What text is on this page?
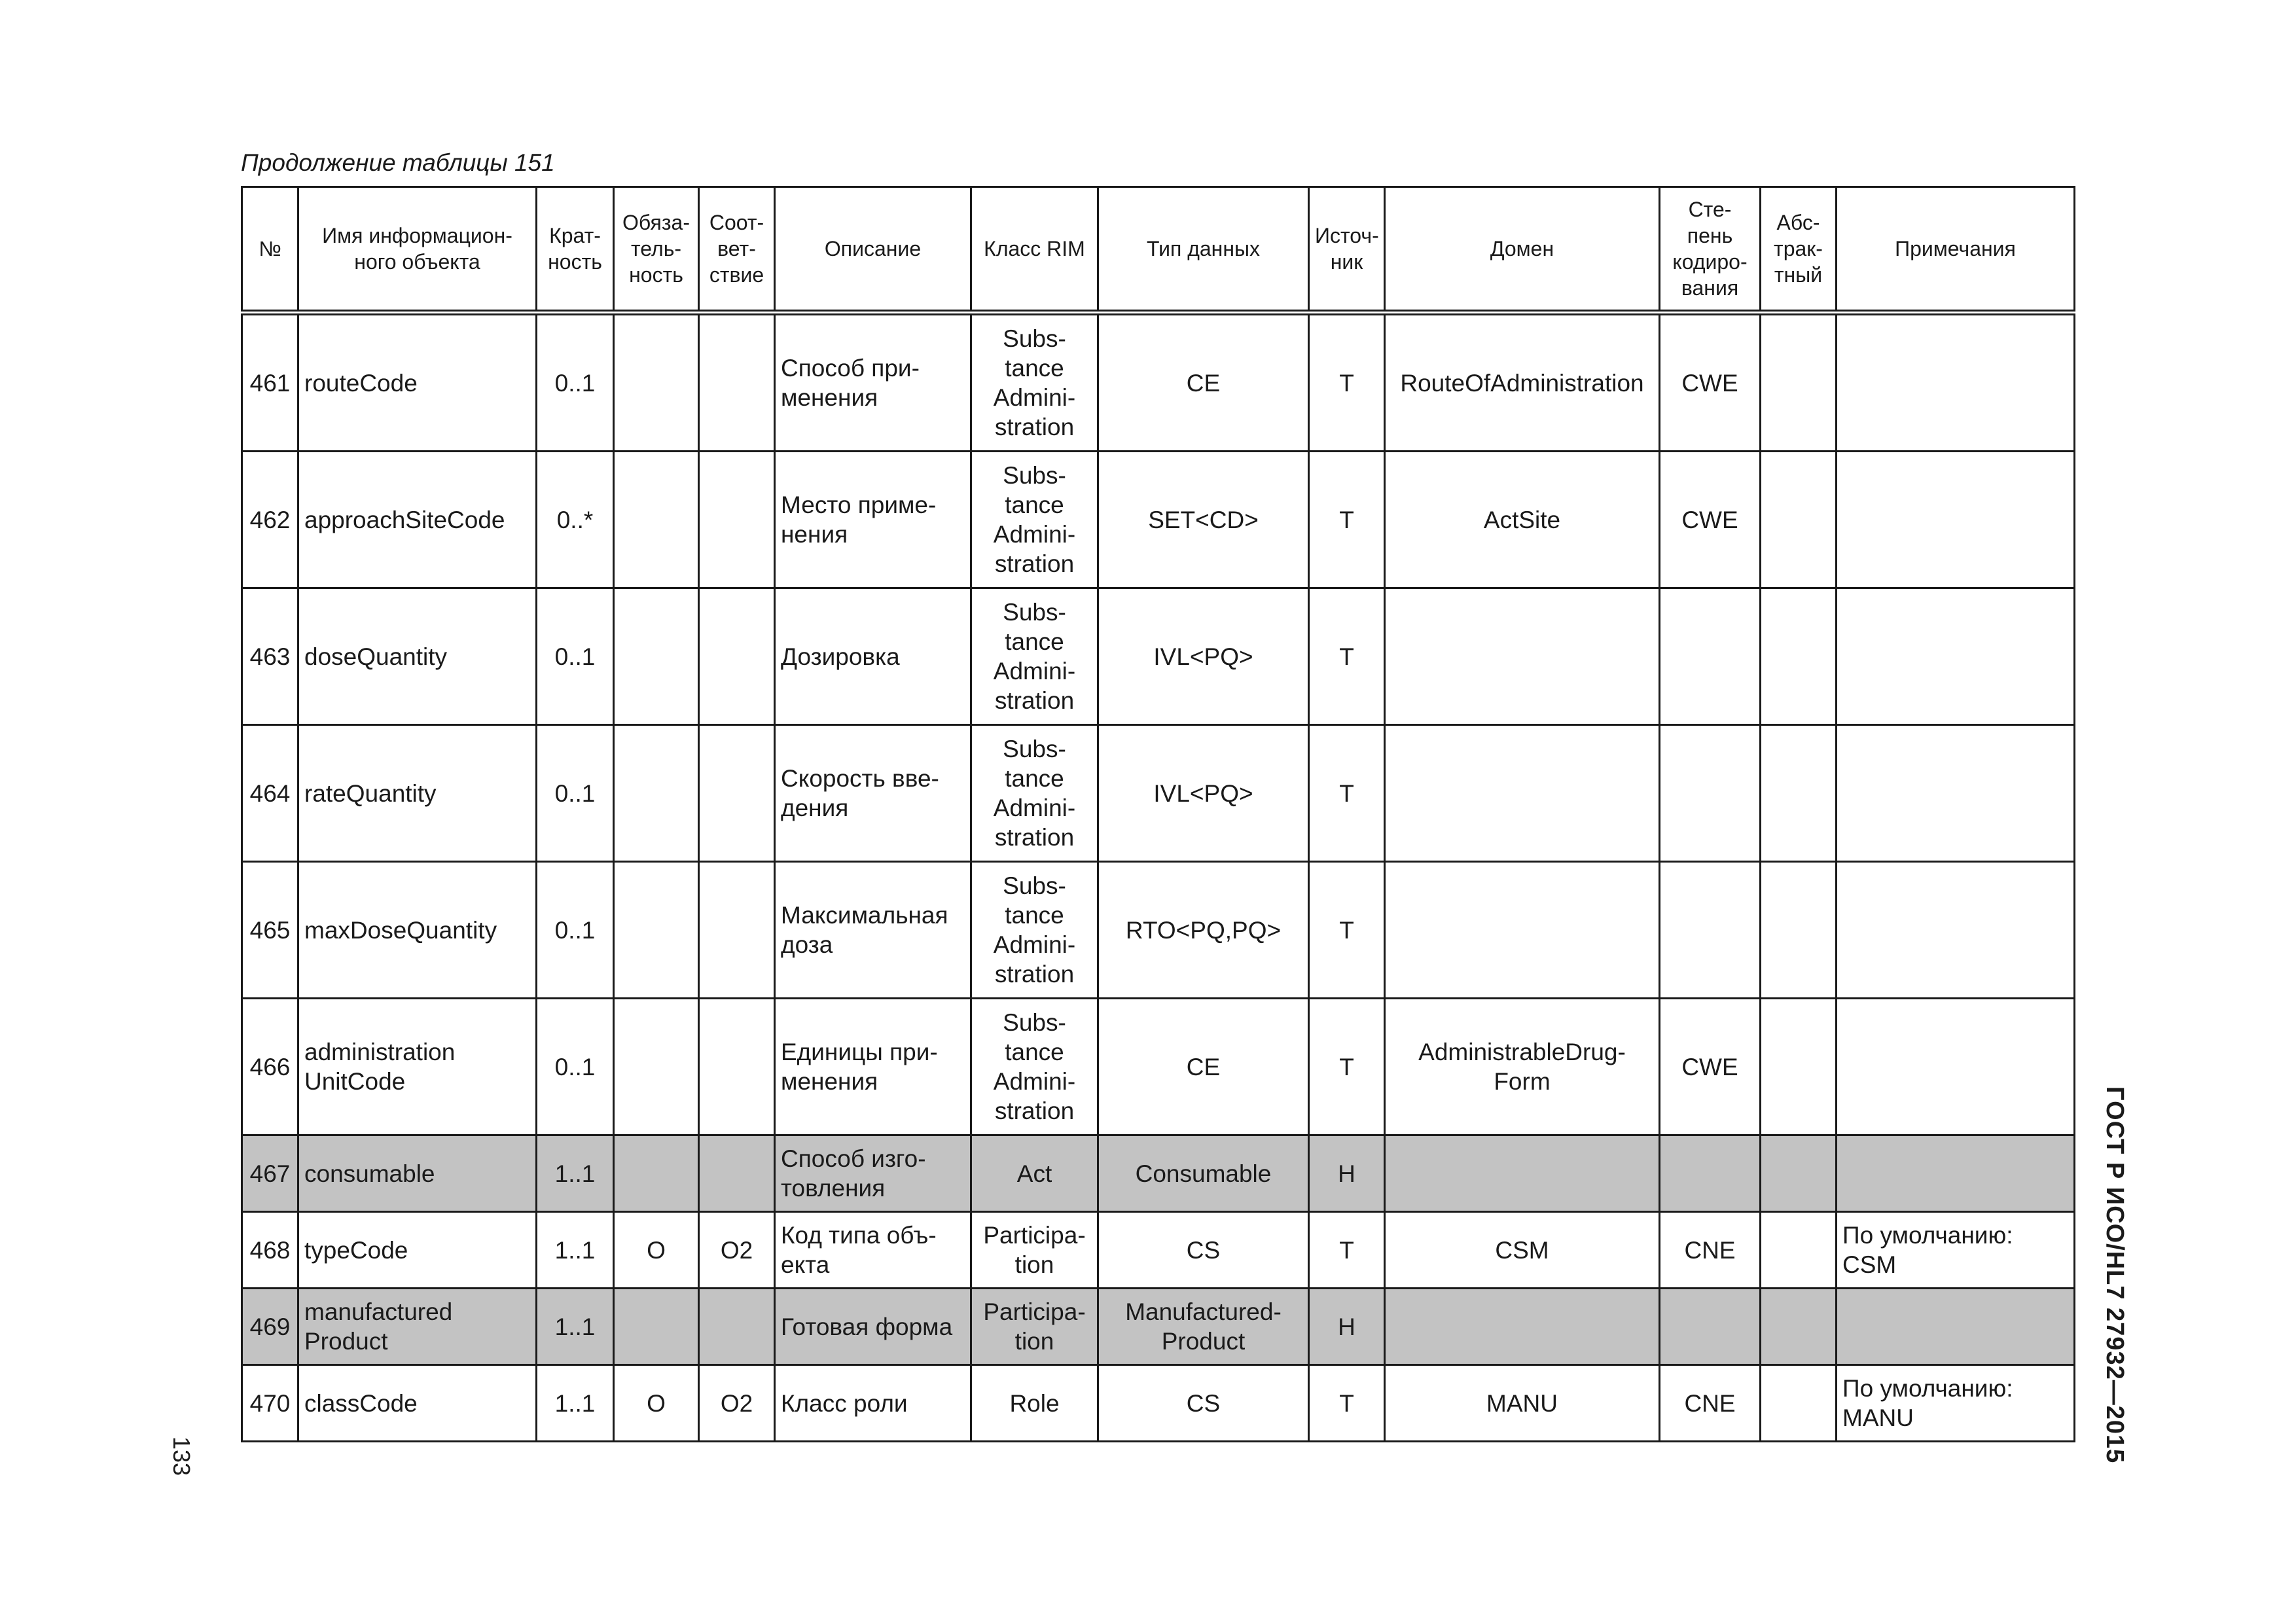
Продолжение таблицы 151
№	Имя информацион-
ного объекта	Крат-
ность	Обяза-
тель-
ность	Соот-
вет-
ствие	Описание	Класс RIM	Тип данных	Источ-
ник	Домен	Сте-
пень
кодиро-
вания	Абс-
трак-
тный	Примечания
461	routeCode	0..1			Способ при-
менения	Subs-
tance
Admini-
stration	CE	T	RouteOfAdministration	CWE		
462	approachSiteCode	0..*			Место приме-
нения	Subs-
tance
Admini-
stration	SET<CD>	T	ActSite	CWE		
463	doseQuantity	0..1			Дозировка	Subs-
tance
Admini-
stration	IVL<PQ>	T				
464	rateQuantity	0..1			Скорость вве-
дения	Subs-
tance
Admini-
stration	IVL<PQ>	T				
465	maxDoseQuantity	0..1			Максимальная
доза	Subs-
tance
Admini-
stration	RTO<PQ,PQ>	T				
466	administration
UnitCode	0..1			Единицы при-
менения	Subs-
tance
Admini-
stration	CE	T	AdministrableDrug-
Form	CWE		
467	consumable	1..1			Способ изго-
товления	Act	Consumable	H				
468	typeCode	1..1	O	O2	Код типа объ-
екта	Participa-
tion	CS	T	CSM	CNE		По умолчанию:
CSM
469	manufactured
Product	1..1			Готовая форма	Participa-
tion	Manufactured-
Product	H				
470	classCode	1..1	O	O2	Класс роли	Role	CS	T	MANU	CNE		По умолчанию:
MANU	ГОСТ Р ИСО/HL7 27932—2015
133
